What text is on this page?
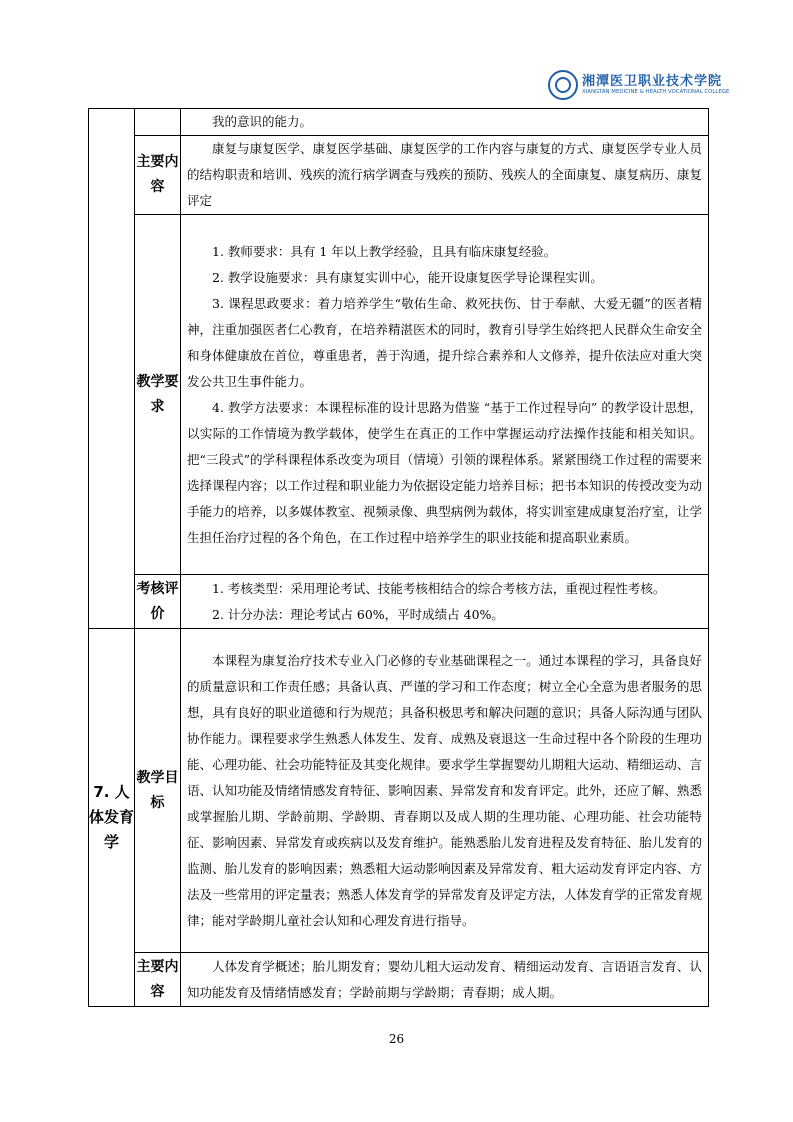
湘潭医卫职业技术学院
XIANGTAN MEDICINE & HEALTH VOCATIONAL COLLEGE

		我的意识的能力。

	主要内容	康复与康复医学、康复医学基础、康复医学的工作内容与康复的方式、康复医学专业人员的结构职责和培训、残疾的流行病学调查与残疾的预防、残疾人的全面康复、康复病历、康复评定

	教学要求	1. 教师要求：具有 1 年以上教学经验，且具有临床康复经验。

2. 教学设施要求：具有康复实训中心，能开设康复医学导论课程实训。

3. 课程思政要求：着力培养学生“敬佑生命、救死扶伤、甘于奉献、大爱无疆”的医者精神，注重加强医者仁心教育，在培养精湛医术的同时，教育引导学生始终把人民群众生命安全和身体健康放在首位，尊重患者，善于沟通，提升综合素养和人文修养，提升依法应对重大突发公共卫生事件能力。

4. 教学方法要求：本课程标准的设计思路为借鉴 “基于工作过程导向” 的教学设计思想，以实际的工作情境为教学载体，使学生在真正的工作中掌握运动疗法操作技能和相关知识。把“三段式”的学科课程体系改变为项目（情境）引领的课程体系。紧紧围绕工作过程的需要来选择课程内容；以工作过程和职业能力为依据设定能力培养目标；把书本知识的传授改变为动手能力的培养，以多媒体教室、视频录像、典型病例为载体，将实训室建成康复治疗室，让学生担任治疗过程的各个角色，在工作过程中培养学生的职业技能和提高职业素质。

	考核评价	1. 考核类型：采用理论考试、技能考核相结合的综合考核方法，重视过程性考核。

2. 计分办法：理论考试占 60%，平时成绩占 40%。

7. 人体发育学	教学目标	本课程为康复治疗技术专业入门必修的专业基础课程之一。通过本课程的学习，具备良好的质量意识和工作责任感；具备认真、严谨的学习和工作态度；树立全心全意为患者服务的思想，具有良好的职业道德和行为规范；具备积极思考和解决问题的意识；具备人际沟通与团队协作能力。课程要求学生熟悉人体发生、发育、成熟及衰退这一生命过程中各个阶段的生理功能、心理功能、社会功能特征及其变化规律。要求学生掌握婴幼儿期粗大运动、精细运动、言语、认知功能及情绪情感发育特征、影响因素、异常发育和发育评定。此外，还应了解、熟悉或掌握胎儿期、学龄前期、学龄期、青春期以及成人期的生理功能、心理功能、社会功能特征、影响因素、异常发育或疾病以及发育维护。能熟悉胎儿发育进程及发育特征、胎儿发育的监测、胎儿发育的影响因素；熟悉粗大运动影响因素及异常发育、粗大运动发育评定内容、方法及一些常用的评定量表；熟悉人体发育学的异常发育及评定方法，人体发育学的正常发育规律；能对学龄期儿童社会认知和心理发育进行指导。

	主要内容	人体发育学概述；胎儿期发育；婴幼儿粗大运动发育、精细运动发育、言语语言发育、认知功能发育及情绪情感发育；学龄前期与学龄期；青春期；成人期。

26
